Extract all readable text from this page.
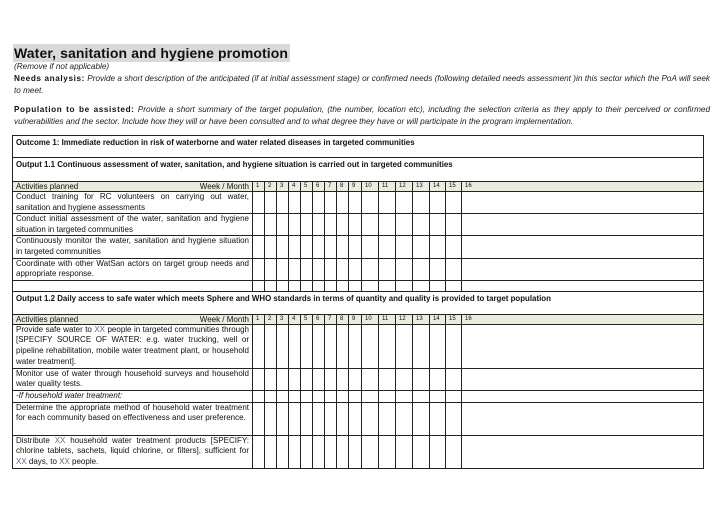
Water, sanitation and hygiene promotion
(Remove if not applicable)
Needs analysis: Provide a short description of the anticipated (if at initial assessment stage) or confirmed needs (following detailed needs assessment )in this sector which the PoA will seek to meet.
Population to be assisted: Provide a short summary of the target population, (the number, location etc), including the selection criteria as they apply to their perceived or confirmed vulnerabilities and the sector. Include how they will or have been consulted and to what degree they have or will participate in the program implementation.
Outcome 1: Immediate reduction in risk of waterborne and water related diseases in targeted communities																
Output 1.1 Continuous assessment of water, sanitation, and hygiene situation is carried out in targeted communities																

Activities planned Week / Month	1	2	3	4	5	6	7	8	9	10	11	12	13	14	15	16
Conduct training for RC volunteers on carrying out water, sanitation and hygiene assessments																
Conduct initial assessment of the water, sanitation and hygiene situation in targeted communities																
Continuously monitor the water, sanitation and hygiene situation in targeted communities																
Coordinate with other WatSan actors on target group needs and appropriate response.																

Output 1.2 Daily access to safe water which meets Sphere and WHO standards in terms of quantity and quality is provided to target population																

Activities planned Week / Month	1	2	3	4	5	6	7	8	9	10	11	12	13	14	15	16
Provide safe water to XX people in targeted communities through [SPECIFY SOURCE OF WATER: e.g. water trucking, well or pipeline rehabilitation, mobile water treatment plant, or household water treatment].																
Monitor use of water through household surveys and household water quality tests.																
-If household water treatment:																
Determine the appropriate method of household water treatment for each community based on effectiveness and user preference.																
Distribute XX household water treatment products [SPECIFY: chlorine tablets, sachets, liquid chlorine, or filters], sufficient for XX days, to XX people.																
